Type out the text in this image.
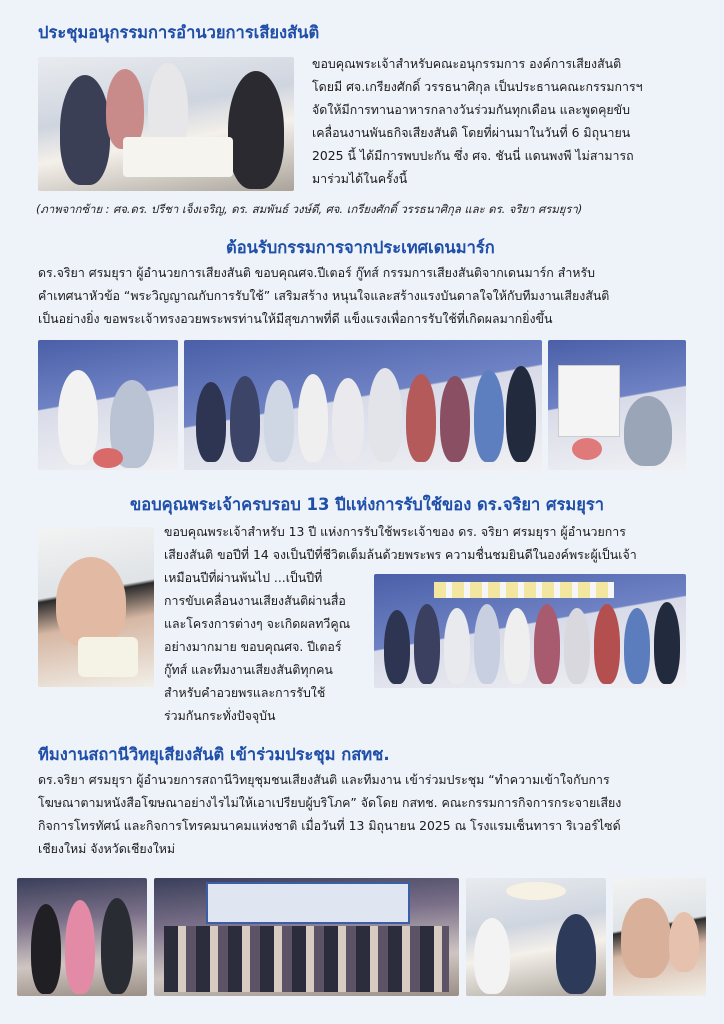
ประชุมอนุกรรมการอำนวยการเสียงสันติ
ขอบคุณพระเจ้าสำหรับคณะอนุกรรมการ องค์การเสียงสันติ
โดยมี ศจ.เกรียงศักดิ์ วรรธนาศิกุล เป็นประธานคณะกรรมการฯ
จัดให้มีการทานอาหารกลางวันร่วมกันทุกเดือน และพูดคุยขับ
เคลื่อนงานพันธกิจเสียงสันติ โดยที่ผ่านมาในวันที่ 6 มิถุนายน
2025 นี้ ได้มีการพบปะกัน ซึ่ง ศจ. ชันนี่ แดนพงพี ไม่สามารถ
มาร่วมได้ในครั้งนี้
(ภาพจากซ้าย : ศจ.ดร. ปรีชา เจ็งเจริญ, ดร. สมพันธ์ วงษ์ดี, ศจ. เกรียงศักดิ์ วรรธนาศิกุล และ ดร. จริยา ศรมยุรา)
ต้อนรับกรรมการจากประเทศเดนมาร์ก
ดร.จริยา ศรมยุรา ผู้อำนวยการเสียงสันติ ขอบคุณศจ.ปีเตอร์ กู๊ทส์ กรรมการเสียงสันติจากเดนมาร์ก สำหรับ
คำเทศนาหัวข้อ “พระวิญญาณกับการรับใช้” เสริมสร้าง หนุนใจและสร้างแรงบันดาลใจให้กับทีมงานเสียงสันติ
เป็นอย่างยิ่ง ขอพระเจ้าทรงอวยพระพรท่านให้มีสุขภาพที่ดี แข็งแรงเพื่อการรับใช้ที่เกิดผลมากยิ่งขึ้น
ขอบคุณพระเจ้าครบรอบ 13 ปีแห่งการรับใช้ของ ดร.จริยา ศรมยุรา
ขอบคุณพระเจ้าสำหรับ 13 ปี แห่งการรับใช้พระเจ้าของ ดร. จริยา ศรมยุรา ผู้อำนวยการ
เสียงสันติ ขอปีที่ 14 จงเป็นปีที่ชีวิตเต็มล้นด้วยพระพร ความชื่นชมยินดีในองค์พระผู้เป็นเจ้า
เหมือนปีที่ผ่านพ้นไป ...เป็นปีที่
การขับเคลื่อนงานเสียงสันติผ่านสื่อ
และโครงการต่างๆ จะเกิดผลทวีคูณ
อย่างมากมาย ขอบคุณศจ. ปีเตอร์
กู๊ทส์ และทีมงานเสียงสันติทุกคน
สำหรับคำอวยพรและการรับใช้
ร่วมกันกระทั่งปัจจุบัน
ทีมงานสถานีวิทยุเสียงสันติ เข้าร่วมประชุม กสทช.
ดร.จริยา ศรมยุรา ผู้อำนวยการสถานีวิทยุชุมชนเสียงสันติ และทีมงาน เข้าร่วมประชุม “ทำความเข้าใจกับการ
โฆษณาตามหนังสือโฆษณาอย่างไรไม่ให้เอาเปรียบผู้บริโภค” จัดโดย กสทช. คณะกรรมการกิจการกระจายเสียง
กิจการโทรทัศน์ และกิจการโทรคมนาคมแห่งชาติ เมื่อวันที่ 13 มิถุนายน 2025 ณ โรงแรมเซ็นทารา ริเวอร์ไซด์
เชียงใหม่ จังหวัดเชียงใหม่
